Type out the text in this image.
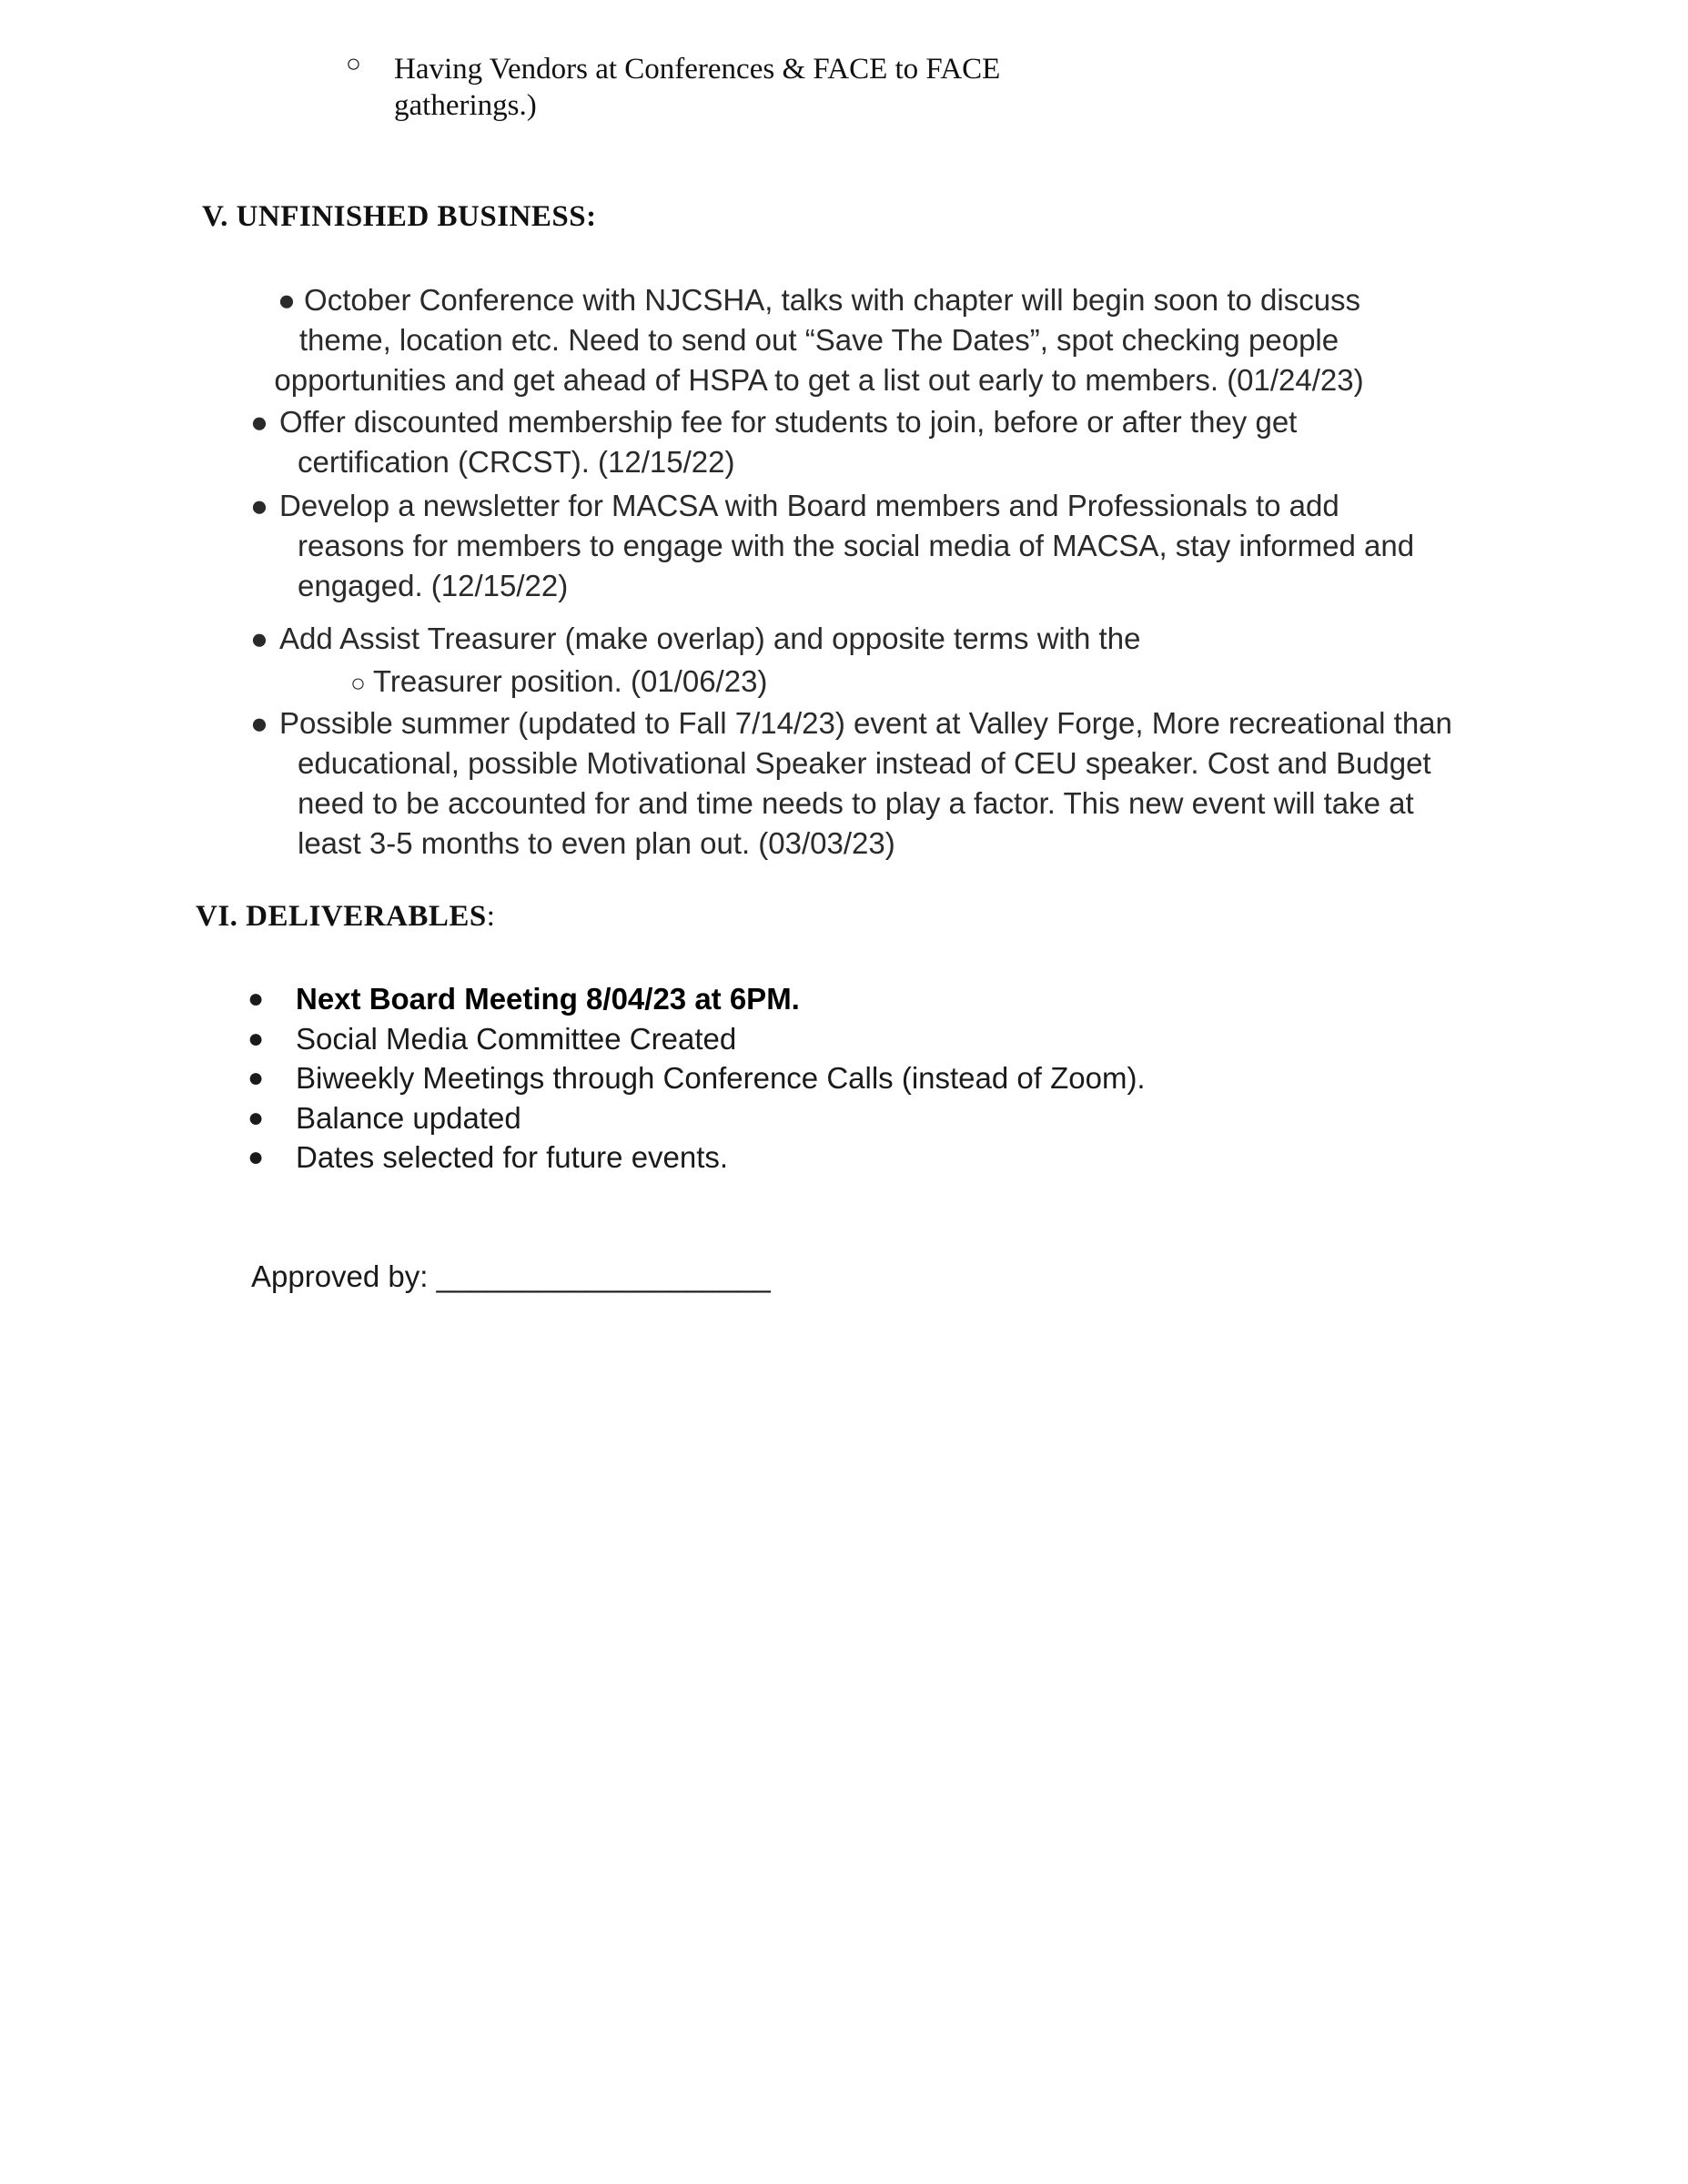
○ Having Vendors at Conferences & FACE to FACE gatherings.)

V. UNFINISHED BUSINESS:
● October Conference with NJCSHA, talks with chapter will begin soon to discuss
theme, location etc. Need to send out “Save The Dates”, spot checking people
opportunities and get ahead of HSPA to get a list out early to members. (01/24/23)
● Offer discounted membership fee for students to join, before or after they get
certification (CRCST). (12/15/22)
● Develop a newsletter for MACSA with Board members and Professionals to add
reasons for members to engage with the social media of MACSA, stay informed and
engaged. (12/15/22)
● Add Assist Treasurer (make overlap) and opposite terms with the
○ Treasurer position. (01/06/23)
● Possible summer (updated to Fall 7/14/23) event at Valley Forge, More recreational than
educational, possible Motivational Speaker instead of CEU speaker. Cost and Budget
need to be accounted for and time needs to play a factor. This new event will take at
least 3-5 months to even plan out. (03/03/23)
VI. DELIVERABLES:
● Next Board Meeting 8/04/23 at 6PM.
● Social Media Committee Created
● Biweekly Meetings through Conference Calls (instead of Zoom).
● Balance updated
● Dates selected for future events.

Approved by: ____________________
